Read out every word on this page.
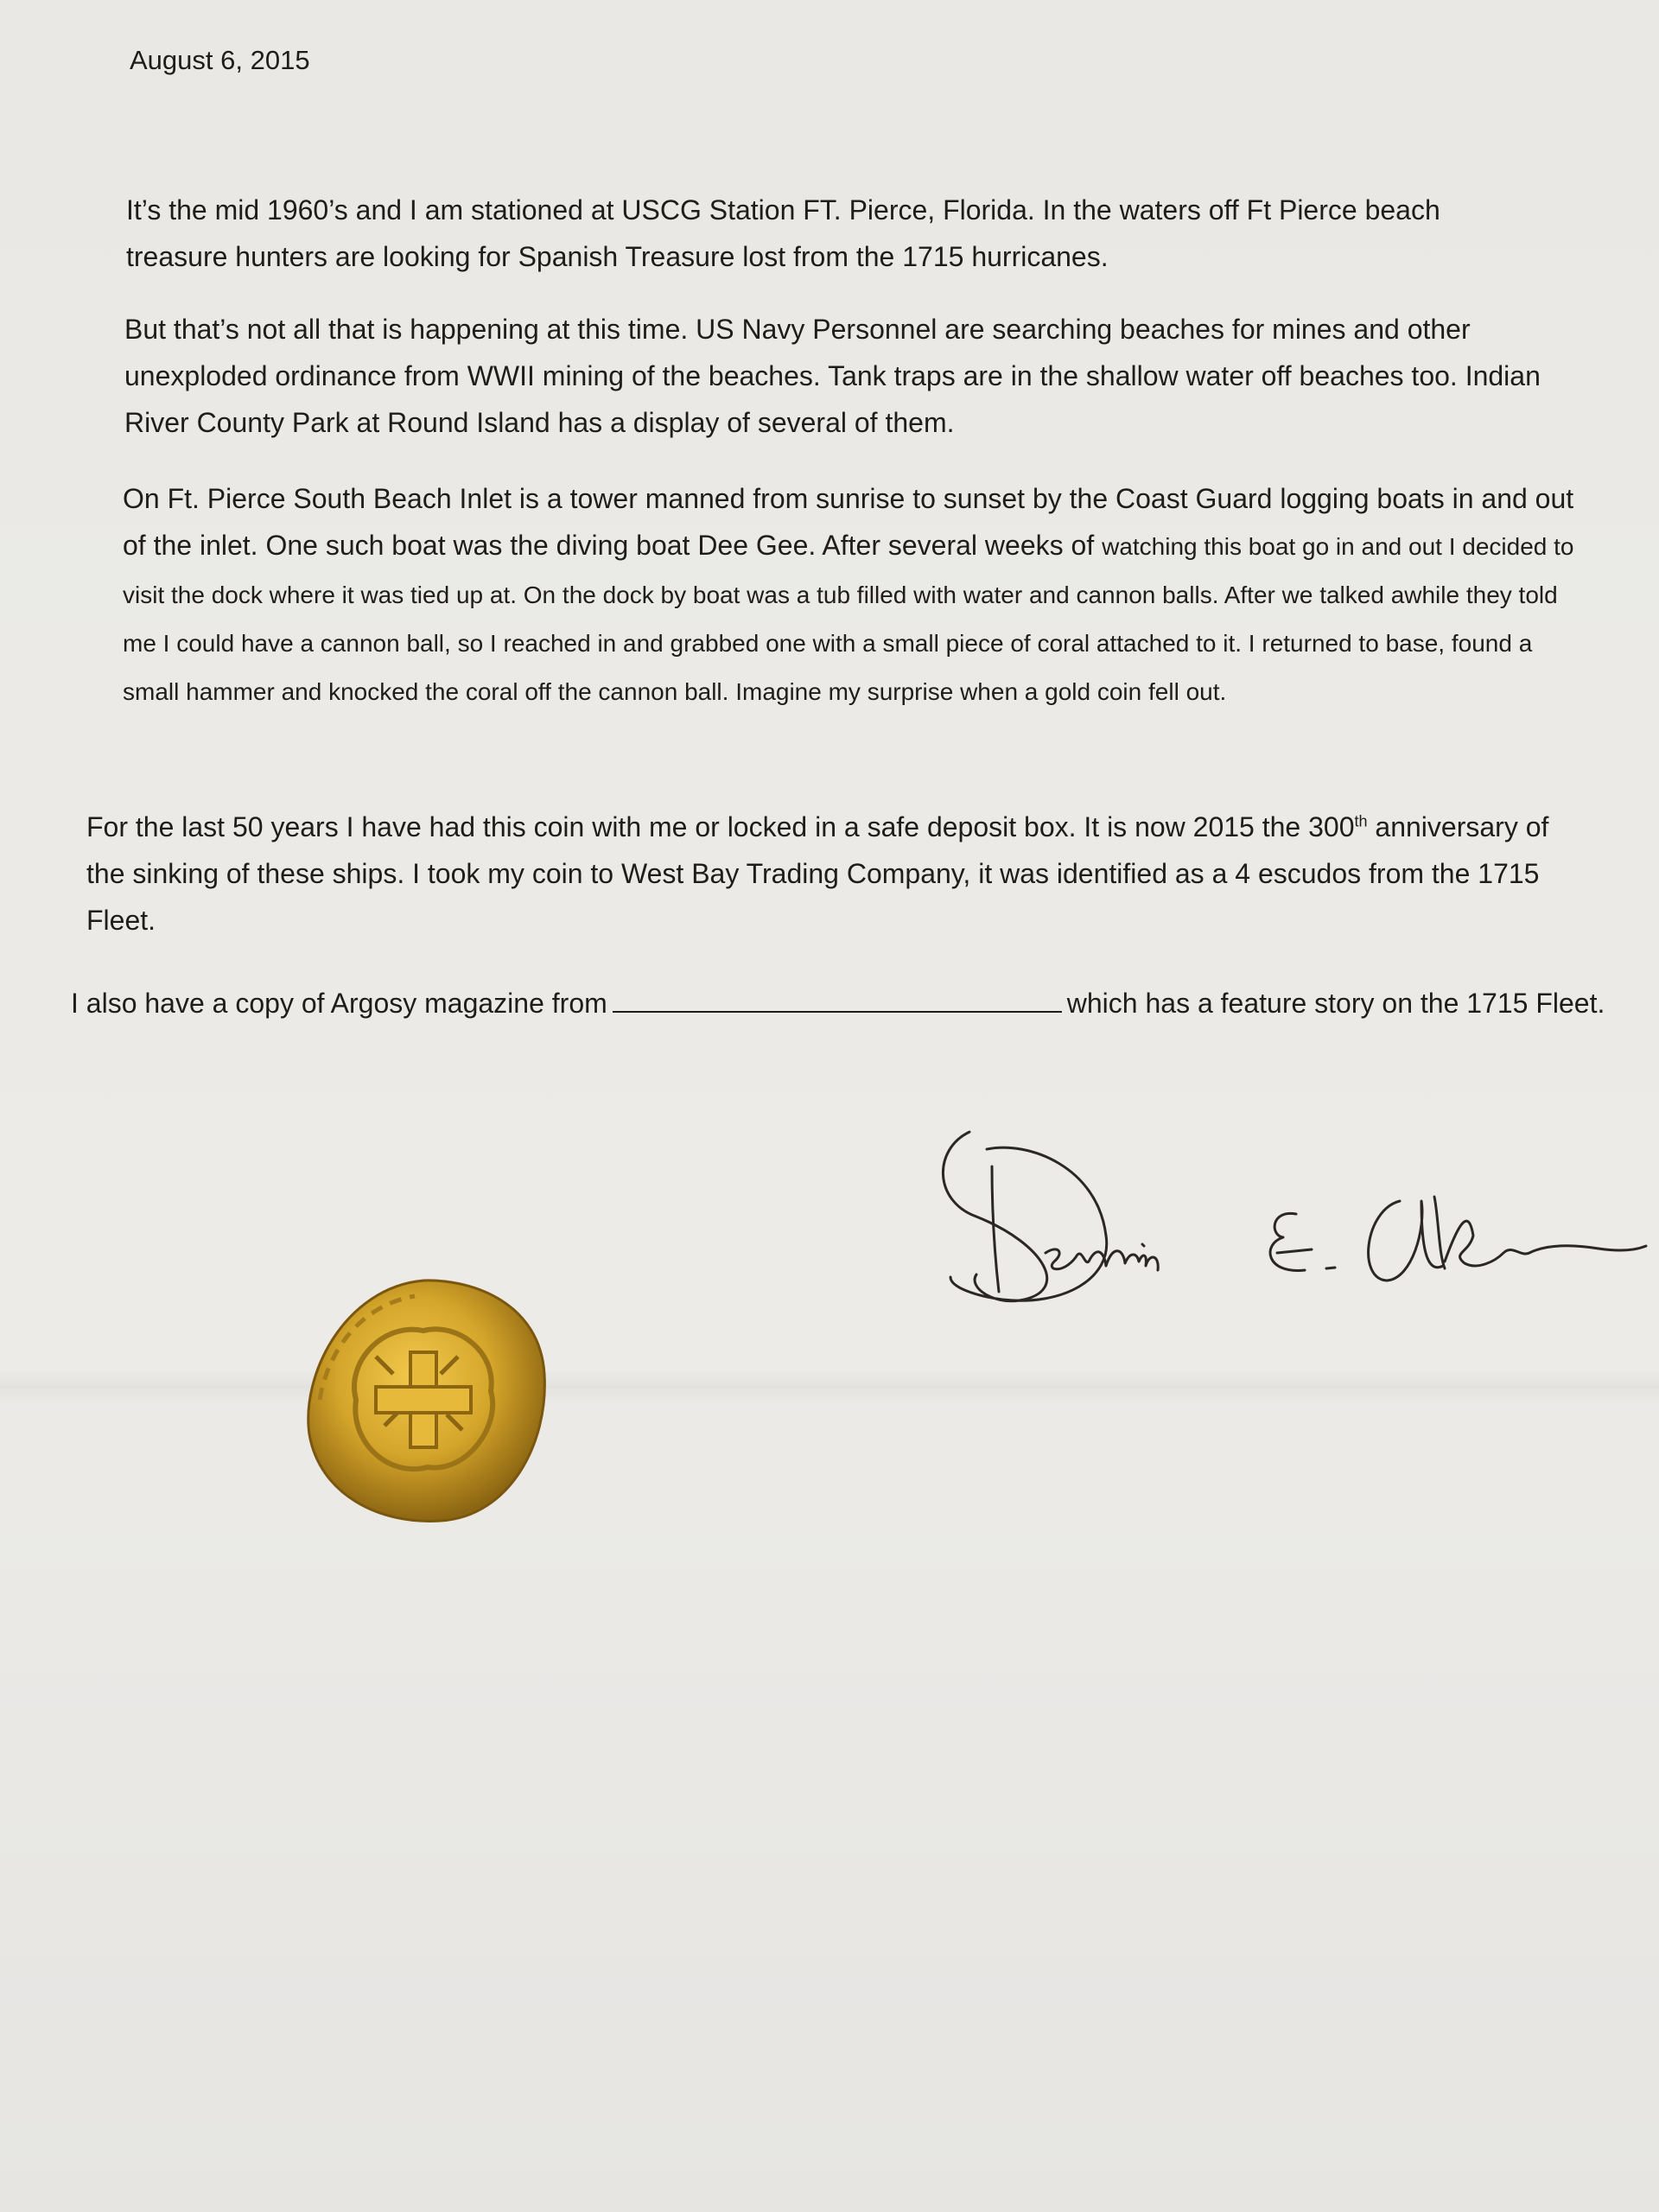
August 6, 2015

It’s the mid 1960’s and I am stationed at USCG Station FT. Pierce, Florida. In the waters off Ft Pierce beach treasure hunters are looking for Spanish Treasure lost from the 1715 hurricanes.

But that’s not all that is happening at this time. US Navy Personnel are searching beaches for mines and other unexploded ordinance from WWII mining of the beaches. Tank traps are in the shallow water off beaches too. Indian River County Park at Round Island has a display of several of them.

On Ft. Pierce South Beach Inlet is a tower manned from sunrise to sunset by the Coast Guard logging boats in and out of the inlet. One such boat was the diving boat Dee Gee. After several weeks of watching this boat go in and out I decided to visit the dock where it was tied up at. On the dock by boat was a tub filled with water and cannon balls. After we talked awhile they told me I could have a cannon ball, so I reached in and grabbed one with a small piece of coral attached to it. I returned to base, found a small hammer and knocked the coral off the cannon ball. Imagine my surprise when a gold coin fell out.

For the last 50 years I have had this coin with me or locked in a safe deposit box. It is now 2015 the 300th anniversary of the sinking of these ships. I took my coin to West Bay Trading Company, it was identified as a 4 escudos from the 1715 Fleet.

I also have a copy of Argosy magazine from	which has a feature story on the 1715 Fleet.
